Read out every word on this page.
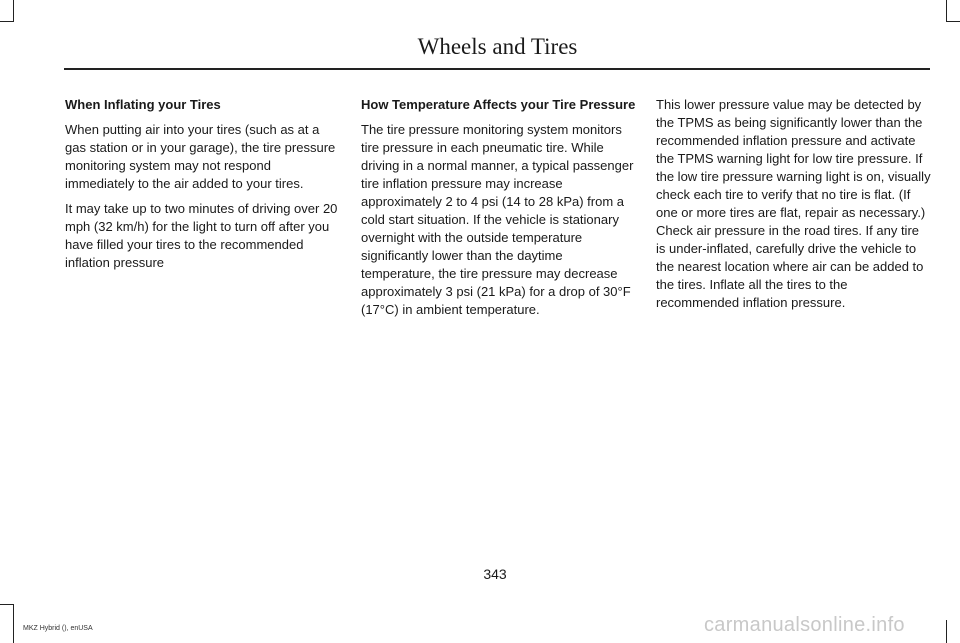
Wheels and Tires
When Inflating your Tires

When putting air into your tires (such as at a gas station or in your garage), the tire pressure monitoring system may not respond immediately to the air added to your tires.

It may take up to two minutes of driving over 20 mph (32 km/h) for the light to turn off after you have filled your tires to the recommended inflation pressure

How Temperature Affects your Tire Pressure

The tire pressure monitoring system monitors tire pressure in each pneumatic tire. While driving in a normal manner, a typical passenger tire inflation pressure may increase approximately 2 to 4 psi (14 to 28 kPa) from a cold start situation. If the vehicle is stationary overnight with the outside temperature significantly lower than the daytime temperature, the tire pressure may decrease approximately 3 psi (21 kPa) for a drop of 30°F (17°C) in ambient temperature.

This lower pressure value may be detected by the TPMS as being significantly lower than the recommended inflation pressure and activate the TPMS warning light for low tire pressure. If the low tire pressure warning light is on, visually check each tire to verify that no tire is flat. (If one or more tires are flat, repair as necessary.) Check air pressure in the road tires. If any tire is under-inflated, carefully drive the vehicle to the nearest location where air can be added to the tires. Inflate all the tires to the recommended inflation pressure.

343
MKZ Hybrid (), enUSA	carmanualsonline.info
